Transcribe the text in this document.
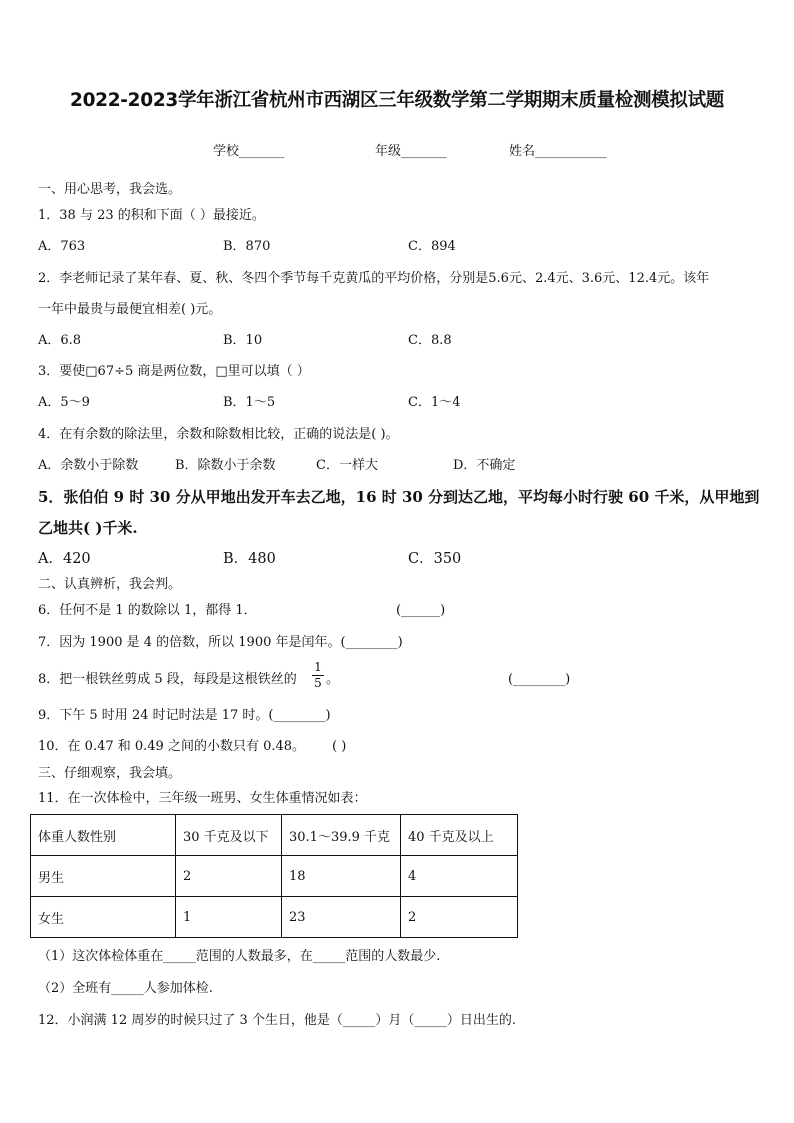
2022-2023学年浙江省杭州市西湖区三年级数学第二学期期末质量检测模拟试题
学校_______	年级_______	姓名___________
一、用心思考，我会选。
1．38 与 23 的积和下面（ ）最接近。
A．763	B．870	C．894
2．李老师记录了某年春、夏、秋、冬四个季节每千克黄瓜的平均价格，分别是5.6元、2.4元、3.6元、12.4元。该年
一年中最贵与最便宜相差( )元。
A．6.8	B．10	C．8.8
3．要使□67÷5 商是两位数，□里可以填（ ）
A．5～9	B．1～5	C．1～4
4．在有余数的除法里，余数和除数相比较，正确的说法是( )。
A．余数小于除数	B．除数小于余数	C．一样大	D．不确定
5．张伯伯 9 时 30 分从甲地出发开车去乙地，16 时 30 分到达乙地，平均每小时行驶 60 千米，从甲地到
乙地共( )千米.
A．420	B．480	C．350
二、认真辨析，我会判。
6．任何不是 1 的数除以 1，都得 1．	(______)
7．因为 1900 是 4 的倍数，所以 1900 年是闰年。(________)
8．把一根铁丝剪成 5 段，每段是这根铁丝的 $\frac{1}{5}$ 。	(________)
9．下午 5 时用 24 时记时法是 17 时。(________)
10．在 0.47 和 0.49 之间的小数只有 0.48。 ( )
三、仔细观察，我会填。
11．在一次体检中，三年级一班男、女生体重情况如表：
体重人数性别	30 千克及以下	30.1～39.9 千克	40 千克及以上
男生	2	18	4
女生	1	23	2
（1）这次体检体重在_____范围的人数最多，在_____范围的人数最少.
（2）全班有_____人参加体检.
12．小润满 12 周岁的时候只过了 3 个生日，他是（_____）月（_____）日出生的.
